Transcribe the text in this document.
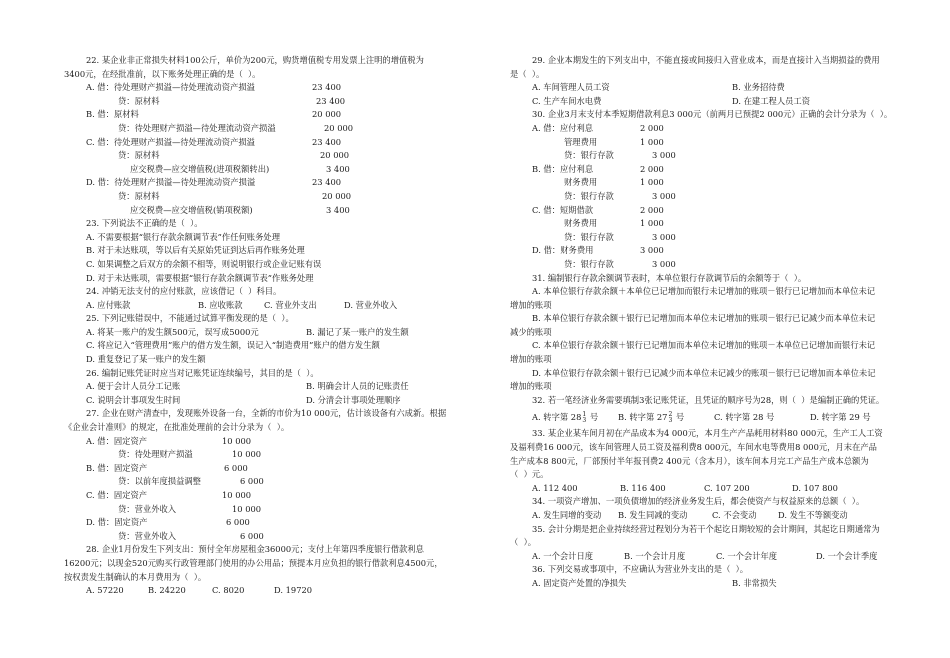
22. 某企业非正常损失材料100公斤，单价为200元，购货增值税专用发票上注明的增值税为
3400元，在经批准前，以下账务处理正确的是（  ）。
A. 借：待处理财产损溢—待处理流动资产损溢	23 400
贷：原材料	23 400
B. 借：原材料	20 000
贷：待处理财产损溢—待处理流动资产损溢	20 000
C. 借：待处理财产损溢—待处理流动资产损溢	23 400
贷：原材料	20 000
应交税费—应交增值税(进项税额转出)	3 400
D. 借：待处理财产损溢—待处理流动资产损溢	23 400
贷：原材料	20 000
应交税费—应交增值税(销项税额)	3 400
23. 下列说法不正确的是（  ）。
A. 不需要根据“银行存款余额调节表”作任何账务处理
B. 对于未达账项，等以后有关原始凭证到达后再作账务处理
C. 如果调整之后双方的余额不相等，则说明银行或企业记账有误
D. 对于未达账项，需要根据“银行存款余额调节表”作账务处理
24. 冲销无法支付的应付账款，应该借记（  ）科目。
A. 应付账款	B. 应收账款	C. 营业外支出	D. 营业外收入
25. 下列记账错误中，不能通过试算平衡发现的是（  ）。
A. 将某一账户的发生额500元，误写成5000元	B. 漏记了某一账户的发生额
C. 将应记入“管理费用”账户的借方发生额，误记入“制造费用”账户的借方发生额
D. 重复登记了某一账户的发生额
26. 编制记账凭证时应当对记账凭证连续编号，其目的是（  ）。
A. 便于会计人员分工记账	B. 明确会计人员的记账责任
C. 说明会计事项发生时间	D. 分清会计事项处理顺序
27. 企业在财产清查中，发现账外设备一台，全新的市价为10 000元，估计该设备有六成新。根据
《企业会计准则》的规定，在批准处理前的会计分录为（  ）。
A. 借：固定资产	10 000
贷：待处理财产损溢	10 000
B. 借：固定资产	6 000
贷：以前年度损益调整	6 000
C. 借：固定资产	10 000
贷：营业外收入	10 000
D. 借：固定资产	6 000
贷：营业外收入	6 000
28. 企业1月份发生下列支出：预付全年房屋租金36000元；支付上年第四季度银行借款利息
16200元；以现金520元购买行政管理部门使用的办公用品；预提本月应负担的银行借款利息4500元，
按权责发生制确认的本月费用为（  ）。
A. 57220	B. 24220	C. 8020	D. 19720
29. 企业本期发生的下列支出中，不能直接或间接归入营业成本，而是直接计入当期损益的费用
是（  ）。
A. 车间管理人员工资	B. 业务招待费
C. 生产车间水电费	D. 在建工程人员工资
30. 企业3月末支付本季短期借款利息3 000元（前两月已预提2 000元）正确的会计分录为（  ）。
A. 借：应付利息	2 000
管理费用	1 000
贷：银行存款	3 000
B. 借：应付利息	2 000
财务费用	1 000
贷：银行存款	3 000
C. 借：短期借款	2 000
财务费用	1 000
贷：银行存款	3 000
D. 借：财务费用	3 000
贷：银行存款	3 000
31. 编制银行存款余额调节表时，本单位银行存款调节后的余额等于（  ）。
A. 本单位银行存款余额＋本单位已记增加而银行未记增加的账项－银行已记增加而本单位未记
增加的账项
B. 本单位银行存款余额＋银行已记增加而本单位未记增加的账项－银行已记减少而本单位未记
减少的账项
C. 本单位银行存款余额＋银行已记增加而本单位未记增加的账项－本单位已记增加而银行未记
增加的账项
D. 本单位银行存款余额＋银行已记减少而本单位未记减少的账项－银行已记增加而本单位未记
增加的账项
32. 若一笔经济业务需要填制3张记账凭证，且凭证的顺序号为28，则（  ）是编制正确的凭证。
A. 转字第 28 1
3 号	B. 转字第 27 2
3 号	C. 转字第 28 号	D. 转字第 29 号
33. 某企业某车间月初在产品成本为4 000元，本月生产产品耗用材料80 000元，生产工人工资
及福利费16 000元，该车间管理人员工资及福利费8 000元，车间水电等费用8 000元，月末在产品
生产成本8 800元，厂部预付半年报刊费2 400元（含本月），该车间本月完工产品生产成本总额为
（  ）元。
A. 112 400	B. 116 400	C. 107 200	D. 107 800
34. 一项资产增加、一项负债增加的经济业务发生后，都会使资产与权益原来的总额（  ）。
A. 发生同增的变动	B. 发生同减的变动	C. 不会变动	D. 发生不等额变动
35. 会计分期是把企业持续经营过程划分为若干个起讫日期较短的会计期间，其起讫日期通常为
（  ）。
A. 一个会计日度	B. 一个会计月度	C. 一个会计年度	D. 一个会计季度
36. 下列交易或事项中，不应确认为营业外支出的是（  ）。
A. 固定资产处置的净损失	B. 非常损失
